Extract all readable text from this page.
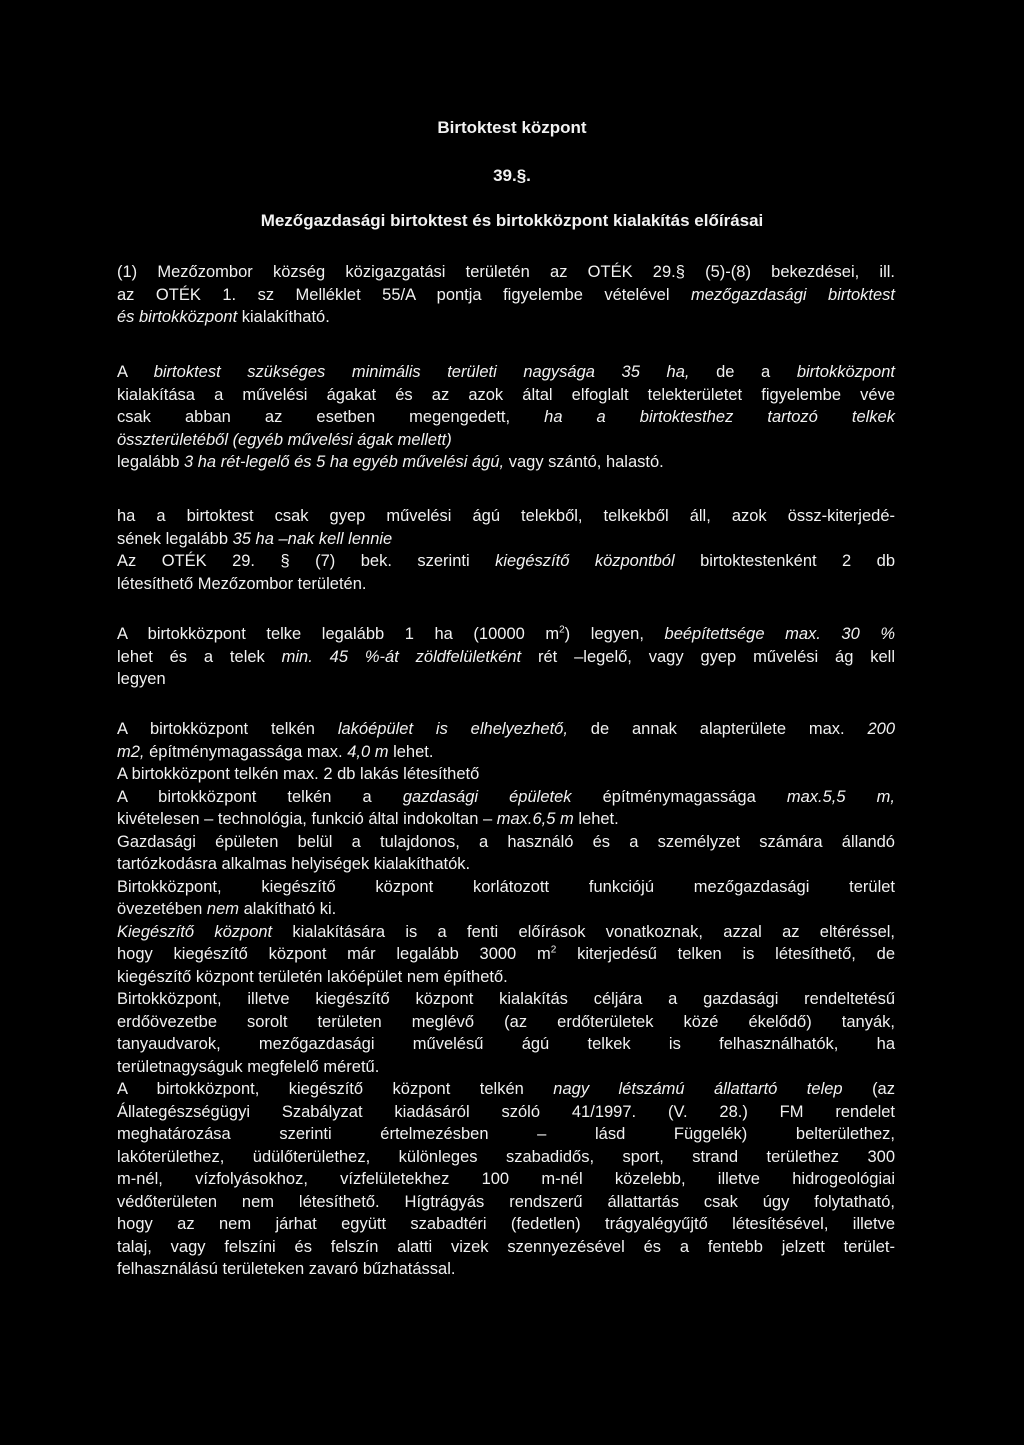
Birtoktest központ
39.§.
Mezőgazdasági birtoktest és birtokközpont kialakítás előírásai
(1) Mezőzombor község közigazgatási területén az OTÉK 29.§ (5)-(8) bekezdései, ill.
az OTÉK 1. sz Melléklet 55/A pontja figyelembe vételével mezőgazdasági birtoktest
és birtokközpont kialakítható.
A birtoktest szükséges minimális területi nagysága 35 ha, de a birtokközpont
kialakítása a művelési ágakat és az azok által elfoglalt telekterületet figyelembe véve
csak abban az esetben megengedett, ha a birtoktesthez tartozó telkek
összterületéből (egyéb művelési ágak mellett)
legalább 3 ha rét-legelő és 5 ha egyéb művelési ágú, vagy szántó, halastó.
ha a birtoktest csak gyep művelési ágú telekből, telkekből áll, azok össz-kiterjedé-
sének legalább 35 ha –nak kell lennie
Az OTÉK 29. § (7) bek. szerinti kiegészítő központból birtoktestenként 2 db
létesíthető Mezőzombor területén.
A birtokközpont telke legalább 1 ha (10000 $m^2$) legyen, beépítettsége max. 30 %
lehet és a telek min. 45 %-át zöldfelületként rét –legelő, vagy gyep művelési ág kell
legyen
A birtokközpont telkén lakóépület is elhelyezhető, de annak alapterülete max. 200
m2, építménymagassága max. 4,0 m lehet.
A birtokközpont telkén max. 2 db lakás létesíthető
A birtokközpont telkén a gazdasági épületek építménymagassága max.5,5 m,
kivételesen – technológia, funkció által indokoltan – max.6,5 m lehet.
Gazdasági épületen belül a tulajdonos, a használó és a személyzet számára állandó
tartózkodásra alkalmas helyiségek kialakíthatók.
Birtokközpont, kiegészítő központ korlátozott funkciójú mezőgazdasági terület
övezetében nem alakítható ki.
Kiegészítő központ kialakítására is a fenti előírások vonatkoznak, azzal az eltéréssel,
hogy kiegészítő központ már legalább 3000 $m^2$ kiterjedésű telken is létesíthető, de
kiegészítő központ területén lakóépület nem építhető.
Birtokközpont, illetve kiegészítő központ kialakítás céljára a gazdasági rendeltetésű
erdőövezetbe sorolt területen meglévő (az erdőterületek közé ékelődő) tanyák,
tanyaudvarok, mezőgazdasági művelésű ágú telkek is felhasználhatók, ha
területnagyságuk megfelelő méretű.
A birtokközpont, kiegészítő központ telkén nagy létszámú állattartó telep (az
Állategészségügyi Szabályzat kiadásáról szóló 41/1997. (V. 28.) FM rendelet
meghatározása szerinti értelmezésben – lásd Függelék) belterülethez,
lakóterülethez, üdülőterülethez, különleges szabadidős, sport, strand területhez 300
m-nél, vízfolyásokhoz, vízfelületekhez 100 m-nél közelebb, illetve hidrogeológiai
védőterületen nem létesíthető. Hígtrágyás rendszerű állattartás csak úgy folytatható,
hogy az nem járhat együtt szabadtéri (fedetlen) trágyalégyűjtő létesítésével, illetve
talaj, vagy felszíni és felszín alatti vizek szennyezésével és a fentebb jelzett terület-
felhasználású területeken zavaró bűzhatással.
